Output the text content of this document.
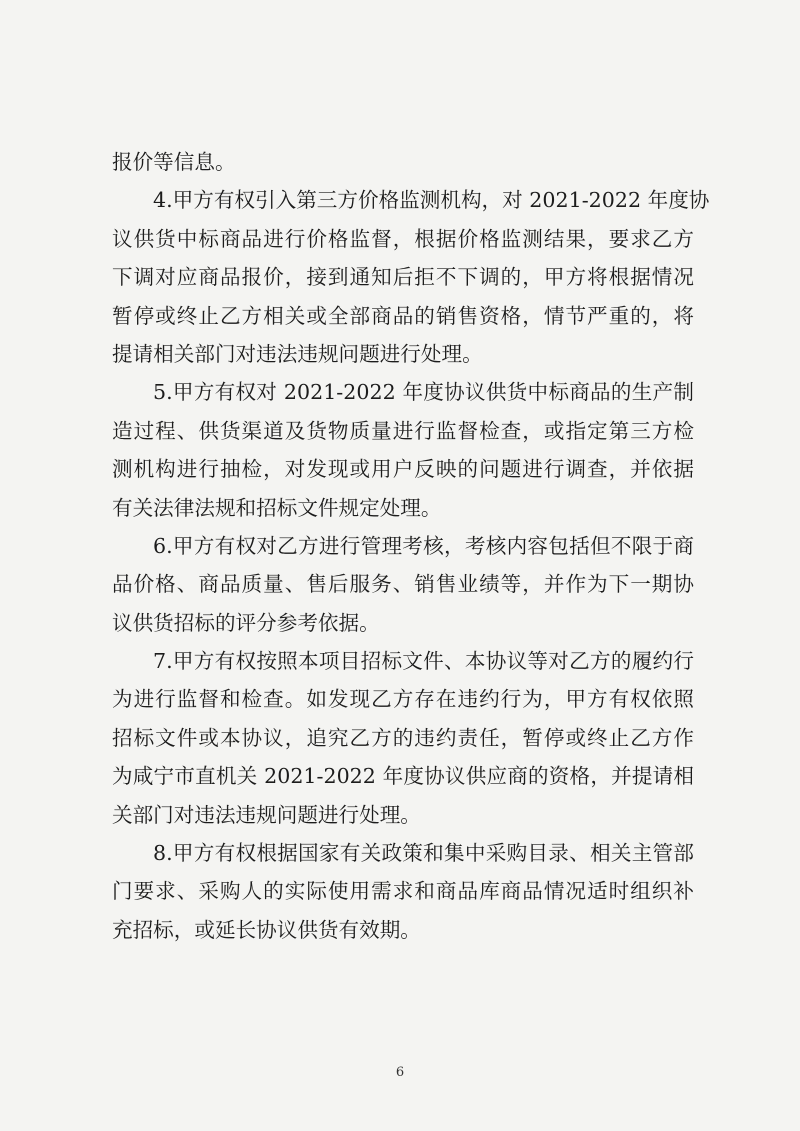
报价等信息。
4.甲方有权引入第三方价格监测机构，对 2021-2022 年度协
议供货中标商品进行价格监督，根据价格监测结果，要求乙方
下调对应商品报价，接到通知后拒不下调的，甲方将根据情况
暂停或终止乙方相关或全部商品的销售资格，情节严重的，将
提请相关部门对违法违规问题进行处理。
5.甲方有权对 2021-2022 年度协议供货中标商品的生产制
造过程、供货渠道及货物质量进行监督检查，或指定第三方检
测机构进行抽检，对发现或用户反映的问题进行调查，并依据
有关法律法规和招标文件规定处理。
6.甲方有权对乙方进行管理考核，考核内容包括但不限于商
品价格、商品质量、售后服务、销售业绩等，并作为下一期协
议供货招标的评分参考依据。
7.甲方有权按照本项目招标文件、本协议等对乙方的履约行
为进行监督和检查。如发现乙方存在违约行为，甲方有权依照
招标文件或本协议，追究乙方的违约责任，暂停或终止乙方作
为咸宁市直机关 2021-2022 年度协议供应商的资格，并提请相
关部门对违法违规问题进行处理。
8.甲方有权根据国家有关政策和集中采购目录、相关主管部
门要求、采购人的实际使用需求和商品库商品情况适时组织补
充招标，或延长协议供货有效期。
6
